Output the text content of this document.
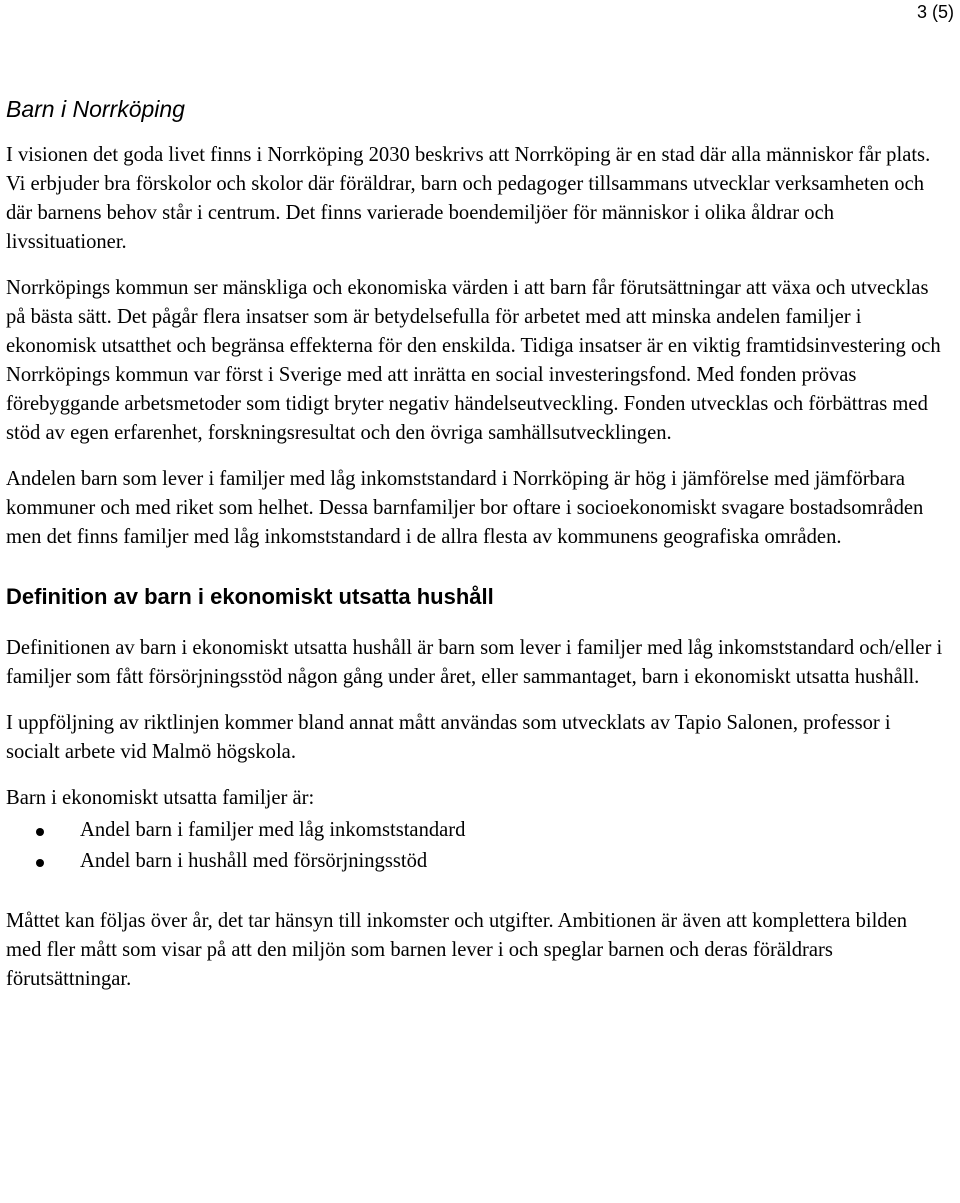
3 (5)
Barn i Norrköping

I visionen det goda livet finns i Norrköping 2030 beskrivs att Norrköping är en stad där alla människor får plats. Vi erbjuder bra förskolor och skolor där föräldrar, barn och pedagoger tillsammans utvecklar verksamheten och där barnens behov står i centrum. Det finns varierade boendemiljöer för människor i olika åldrar och livssituationer.

Norrköpings kommun ser mänskliga och ekonomiska värden i att barn får förutsättningar att växa och utvecklas på bästa sätt. Det pågår flera insatser som är betydelsefulla för arbetet med att minska andelen familjer i ekonomisk utsatthet och begränsa effekterna för den enskilda. Tidiga insatser är en viktig framtidsinvestering och Norrköpings kommun var först i Sverige med att inrätta en social investeringsfond. Med fonden prövas förebyggande arbetsmetoder som tidigt bryter negativ händelseutveckling. Fonden utvecklas och förbättras med stöd av egen erfarenhet, forskningsresultat och den övriga samhällsutvecklingen.

Andelen barn som lever i familjer med låg inkomststandard i Norrköping är hög i jämförelse med jämförbara kommuner och med riket som helhet. Dessa barnfamiljer bor oftare i socioekonomiskt svagare bostadsområden men det finns familjer med låg inkomststandard i de allra flesta av kommunens geografiska områden.

Definition av barn i ekonomiskt utsatta hushåll

Definitionen av barn i ekonomiskt utsatta hushåll är barn som lever i familjer med låg inkomststandard och/eller i familjer som fått försörjningsstöd någon gång under året, eller sammantaget, barn i ekonomiskt utsatta hushåll.

I uppföljning av riktlinjen kommer bland annat mått användas som utvecklats av Tapio Salonen, professor i socialt arbete vid Malmö högskola.

Barn i ekonomiskt utsatta familjer är:

Andel barn i familjer med låg inkomststandard
Andel barn i hushåll med försörjningsstöd

Måttet kan följas över år, det tar hänsyn till inkomster och utgifter. Ambitionen är även att komplettera bilden med fler mått som visar på att den miljön som barnen lever i och speglar barnen och deras föräldrars förutsättningar.
